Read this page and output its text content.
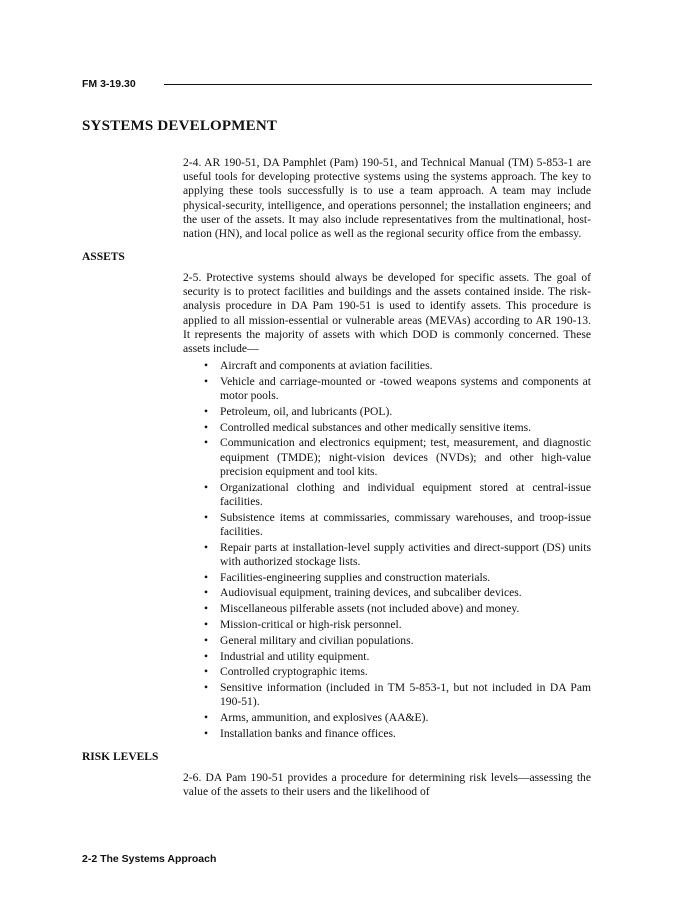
FM 3-19.30
SYSTEMS DEVELOPMENT

2-4. AR 190-51, DA Pamphlet (Pam) 190-51, and Technical Manual (TM) 5-853-1 are useful tools for developing protective systems using the systems approach. The key to applying these tools successfully is to use a team approach. A team may include physical-security, intelligence, and operations personnel; the installation engineers; and the user of the assets. It may also include representatives from the multinational, host-nation (HN), and local police as well as the regional security office from the embassy.

ASSETS

2-5. Protective systems should always be developed for specific assets. The goal of security is to protect facilities and buildings and the assets contained inside. The risk-analysis procedure in DA Pam 190-51 is used to identify assets. This procedure is applied to all mission-essential or vulnerable areas (MEVAs) according to AR 190-13. It represents the majority of assets with which DOD is commonly concerned. These assets include—

• Aircraft and components at aviation facilities.
• Vehicle and carriage-mounted or -towed weapons systems and components at motor pools.
• Petroleum, oil, and lubricants (POL).
• Controlled medical substances and other medically sensitive items.
• Communication and electronics equipment; test, measurement, and diagnostic equipment (TMDE); night-vision devices (NVDs); and other high-value precision equipment and tool kits.
• Organizational clothing and individual equipment stored at central-issue facilities.
• Subsistence items at commissaries, commissary warehouses, and troop-issue facilities.
• Repair parts at installation-level supply activities and direct-support (DS) units with authorized stockage lists.
• Facilities-engineering supplies and construction materials.
• Audiovisual equipment, training devices, and subcaliber devices.
• Miscellaneous pilferable assets (not included above) and money.
• Mission-critical or high-risk personnel.
• General military and civilian populations.
• Industrial and utility equipment.
• Controlled cryptographic items.
• Sensitive information (included in TM 5-853-1, but not included in DA Pam 190-51).
• Arms, ammunition, and explosives (AA&E).
• Installation banks and finance offices.
RISK LEVELS

2-6. DA Pam 190-51 provides a procedure for determining risk levels—assessing the value of the assets to their users and the likelihood of

2-2 The Systems Approach
